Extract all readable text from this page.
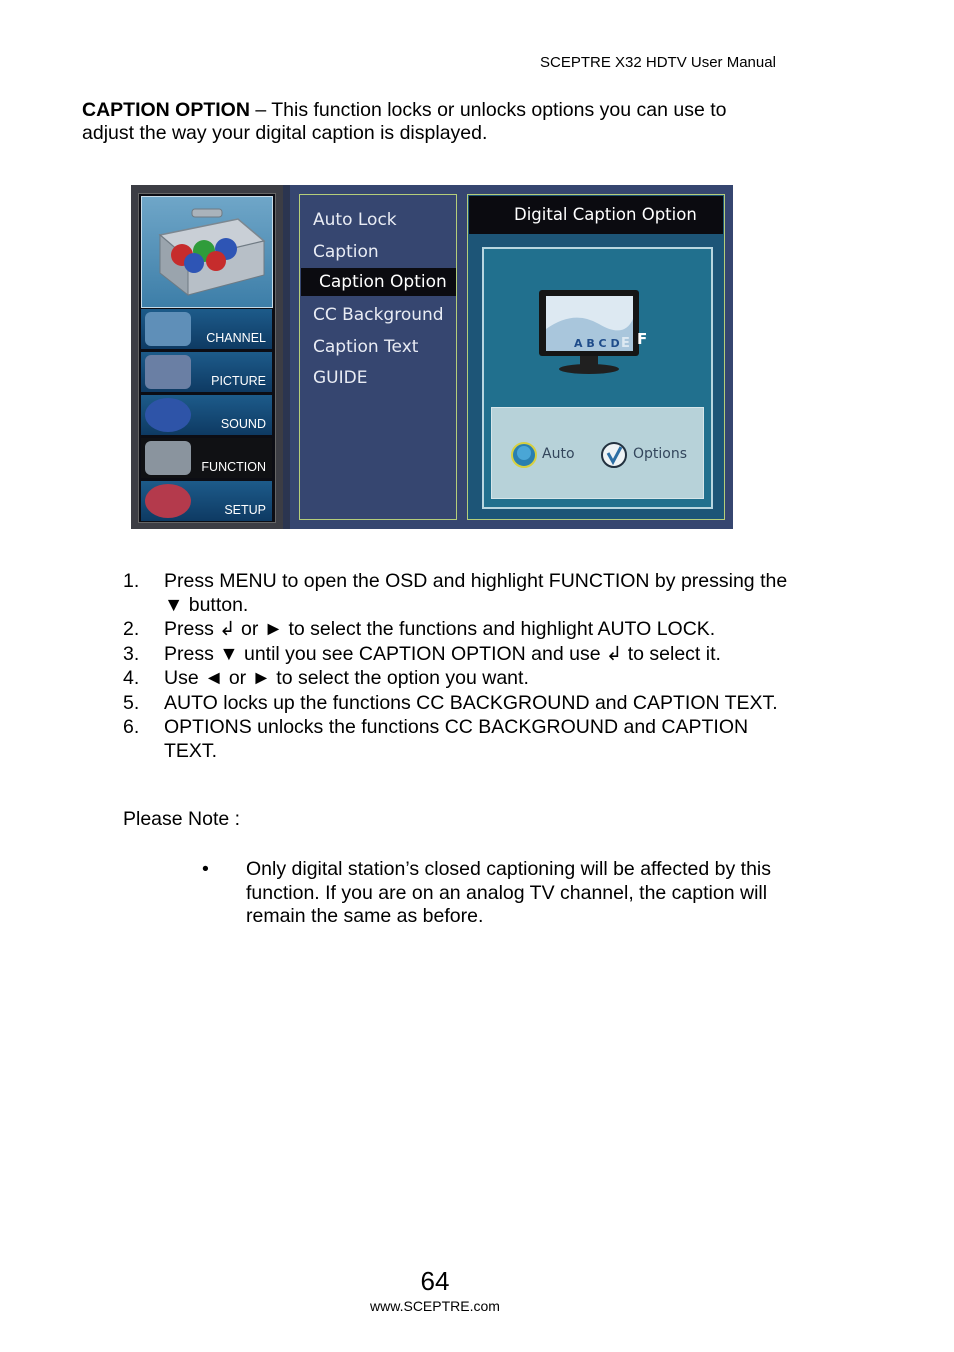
SCEPTRE X32 HDTV User Manual
CAPTION OPTION – This function locks or unlocks options you can use to adjust the way your digital caption is displayed.
CHANNEL
PICTURE
SOUND
FUNCTION
SETUP
Auto Lock
Caption
Caption Option
CC Background
Caption Text
GUIDE
Digital Caption Option
A B C D F
E
Auto	Options
1. Press MENU to open the OSD and highlight FUNCTION by pressing the ▼ button.
2. Press ↲ or ► to select the functions and highlight AUTO LOCK.
3. Press ▼ until you see CAPTION OPTION and use ↲ to select it.
4. Use ◄ or ► to select the option you want.
5. AUTO locks up the functions CC BACKGROUND and CAPTION TEXT.
6. OPTIONS unlocks the functions CC BACKGROUND and CAPTION TEXT.
Please Note :
• Only digital station’s closed captioning will be affected by this function. If you are on an analog TV channel, the caption will remain the same as before.
64
www.SCEPTRE.com
